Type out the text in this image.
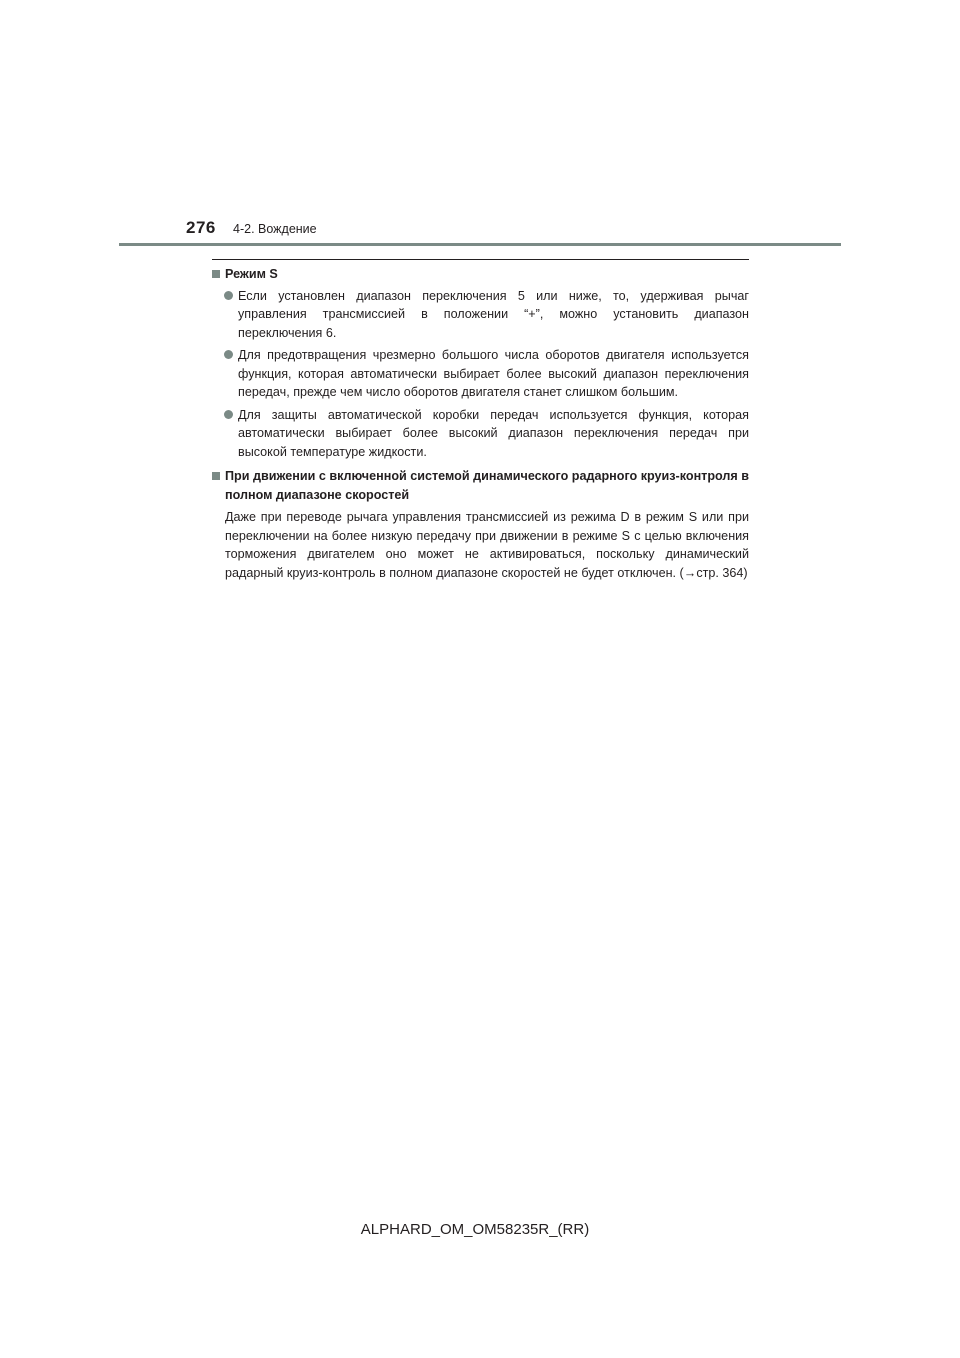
276 4-2. Вождение
Режим S
Если установлен диапазон переключения 5 или ниже, то, удерживая рычаг управления трансмиссией в положении “+”, можно установить диапазон переключения 6.
Для предотвращения чрезмерно большого числа оборотов двигателя используется функция, которая автоматически выбирает более высокий диапазон переключения передач, прежде чем число оборотов двигателя станет слишком большим.
Для защиты автоматической коробки передач используется функция, которая автоматически выбирает более высокий диапазон переключения передач при высокой температуре жидкости.
При движении с включенной системой динамического радарного круиз-контроля в полном диапазоне скоростей
Даже при переводе рычага управления трансмиссией из режима D в режим S или при переключении на более низкую передачу при движении в режиме S с целью включения торможения двигателем оно может не активироваться, поскольку динамический радарный круиз-контроль в полном диапазоне скоростей не будет отключен. (→стр. 364)
ALPHARD_OM_OM58235R_(RR)
